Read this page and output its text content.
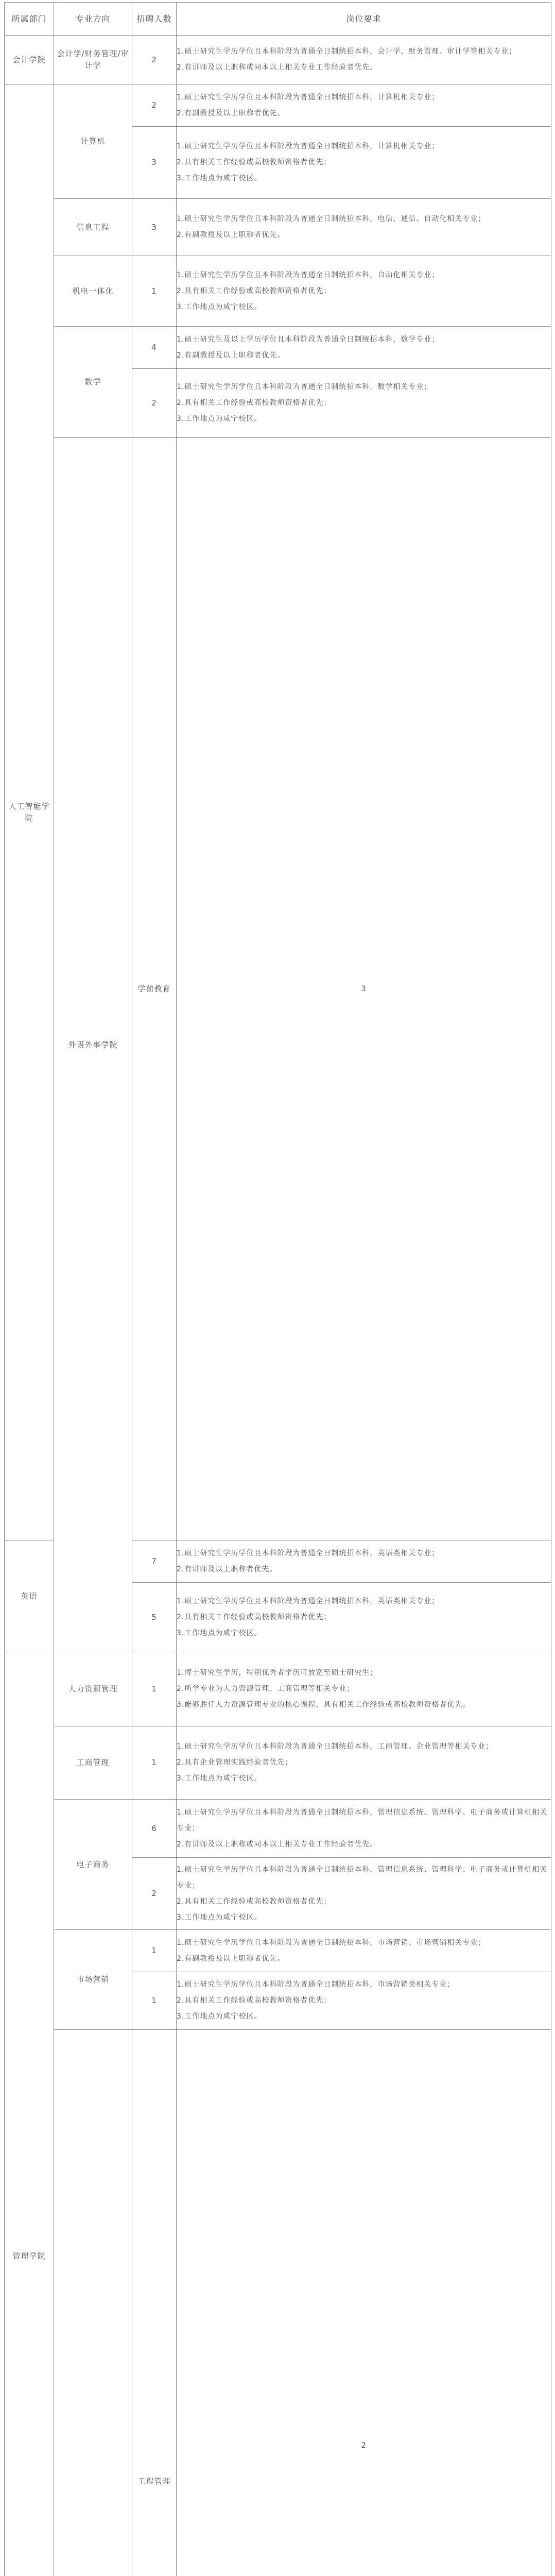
所属部门	专业方向	招聘人数	岗位要求	
会计学院	会计学/财务管理/审计学	2	1.硕士研究生学历学位且本科阶段为普通全日制统招本科，会计学、财务管理、审计学等相关专业；
2.有讲师及以上职称或同本以上相关专业工作经验者优先。	

人工智能学院	计算机	2	1.硕士研究生学历学位且本科阶段为普通全日制统招本科，计算机相关专业；
2.有副教授及以上职称者优先。	

		3	1.硕士研究生学历学位且本科阶段为普通全日制统招本科，计算机相关专业；
2.具有相关工作经验或高校教师资格者优先；
3.工作地点为咸宁校区。	

	信息工程	3	1.硕士研究生学历学位且本科阶段为普通全日制统招本科，电信、通信、自动化相关专业；
2.有副教授及以上职称者优先。	

	机电一体化	1	1.硕士研究生学历学位且本科阶段为普通全日制统招本科，自动化相关专业；
2.具有相关工作经验或高校教师资格者优先；
3.工作地点为咸宁校区。	

	数学	4	1.硕士研究生及以上学历学位且本科阶段为普通全日制统招本科，数学专业；
2.有副教授及以上职称者优先。	

		2	1.硕士研究生学历学位且本科阶段为普通全日制统招本科，数学相关专业；
2.具有相关工作经验或高校教师资格者优先；
3.工作地点为咸宁校区。	

	外语外事学院	学前教育	3	

英语		7	1.硕士研究生学历学位且本科阶段为普通全日制统招本科，英语类相关专业；
2.有讲师及以上职称者优先。	

		5	1.硕士研究生学历学位且本科阶段为普通全日制统招本科，英语类相关专业；
2.具有相关工作经验或高校教师资格者优先；
3.工作地点为咸宁校区。	

管理学院	人力资源管理	1	1.博士研究生学历，特别优秀者学历可放宽至硕士研究生；
2.所学专业为人力资源管理、工商管理等相关专业；
3.能够胜任人力资源管理专业的核心课程，具有相关工作经验或高校教师资格者优先。	

	工商管理	1	1.硕士研究生学历学位且本科阶段为普通全日制统招本科，工商管理、企业管理等相关专业；
2.具有企业管理实践经验者优先；
3.工作地点为咸宁校区。	

	电子商务	6	1.硕士研究生学历学位且本科阶段为普通全日制统招本科，管理信息系统、管理科学、电子商务或计算机相关专业；
2.有讲师及以上职称或同本以上相关专业工作经验者优先。	

		2	1.硕士研究生学历学位且本科阶段为普通全日制统招本科，管理信息系统、管理科学、电子商务或计算机相关专业；
2.具有相关工作经验或高校教师资格者优先；
3.工作地点为咸宁校区。	

	市场营销	1	1.硕士研究生学历学位且本科阶段为普通全日制统招本科，市场营销、市场营销相关专业；
2.有副教授及以上职称者优先。	

		1	1.硕士研究生学历学位且本科阶段为普通全日制统招本科，市场营销类相关专业；
2.具有相关工作经验或高校教师资格者优先；
3.工作地点为咸宁校区。	

	工程管理	2	
